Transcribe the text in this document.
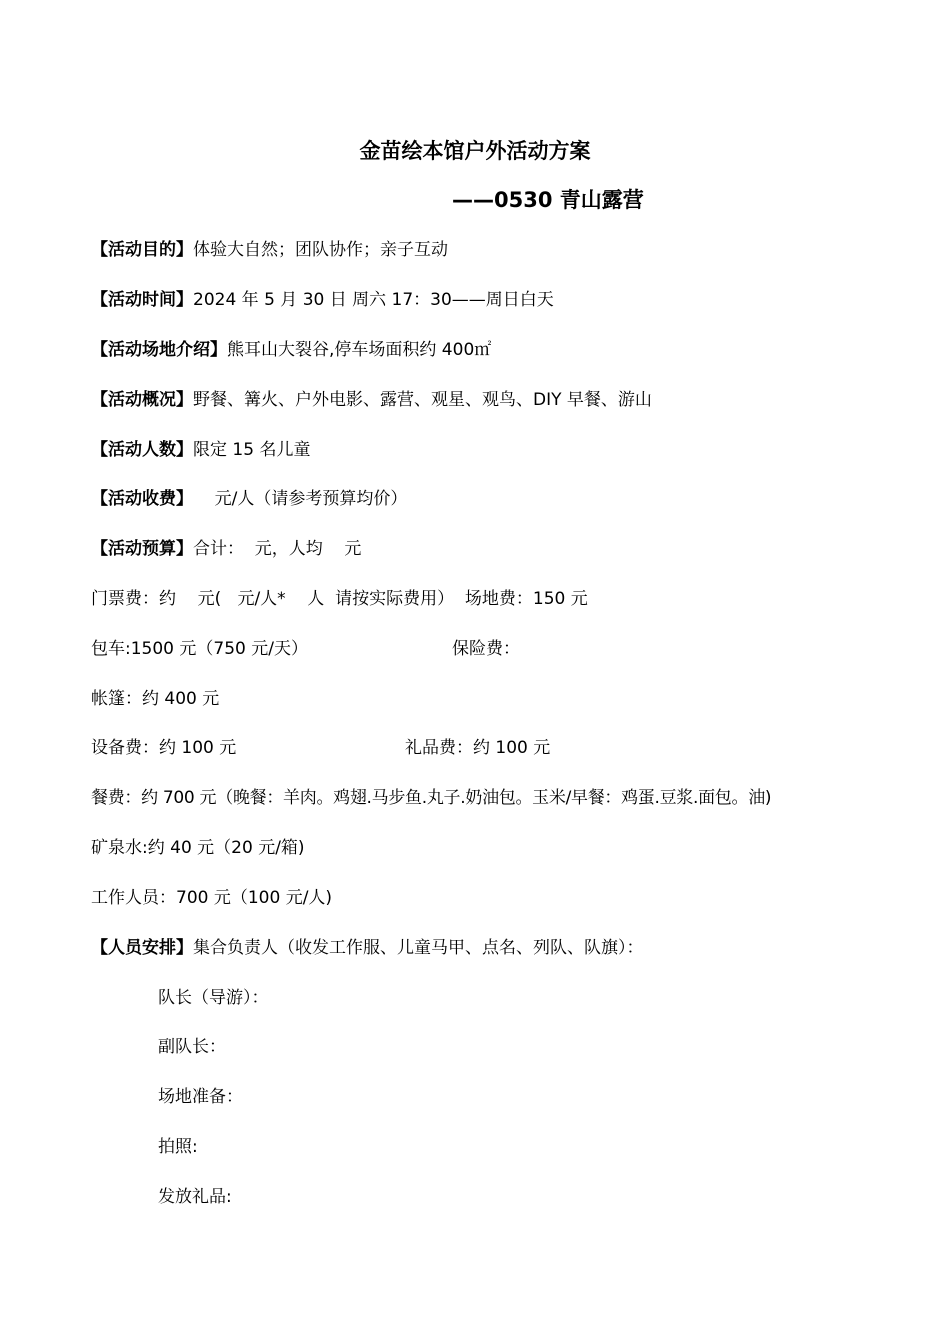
金苗绘本馆户外活动方案
——0530 青山露营
【活动目的】体验大自然；团队协作；亲子互动
【活动时间】2024 年 5 月 30 日 周六 17：30——周日白天
【活动场地介绍】熊耳山大裂谷,停车场面积约 400㎡
【活动概况】野餐、篝火、户外电影、露营、观星、观鸟、DIY 早餐、游山
【活动人数】限定 15 名儿童
【活动收费】    元/人（请参考预算均价）
【活动预算】合计：  元，人均    元
门票费：约    元(   元/人*    人  请按实际费用）  场地费：150 元
包车:1500 元（750 元/天）	保险费：
帐篷：约 400 元
设备费：约 100 元	礼品费：约 100 元
餐费：约 700 元（晚餐：羊肉。鸡翅.马步鱼.丸子.奶油包。玉米/早餐：鸡蛋.豆浆.面包。油)
矿泉水:约 40 元（20 元/箱)
工作人员：700 元（100 元/人)
【人员安排】集合负责人（收发工作服、儿童马甲、点名、列队、队旗）：
队长（导游）：
副队长：
场地准备：
拍照:
发放礼品:
